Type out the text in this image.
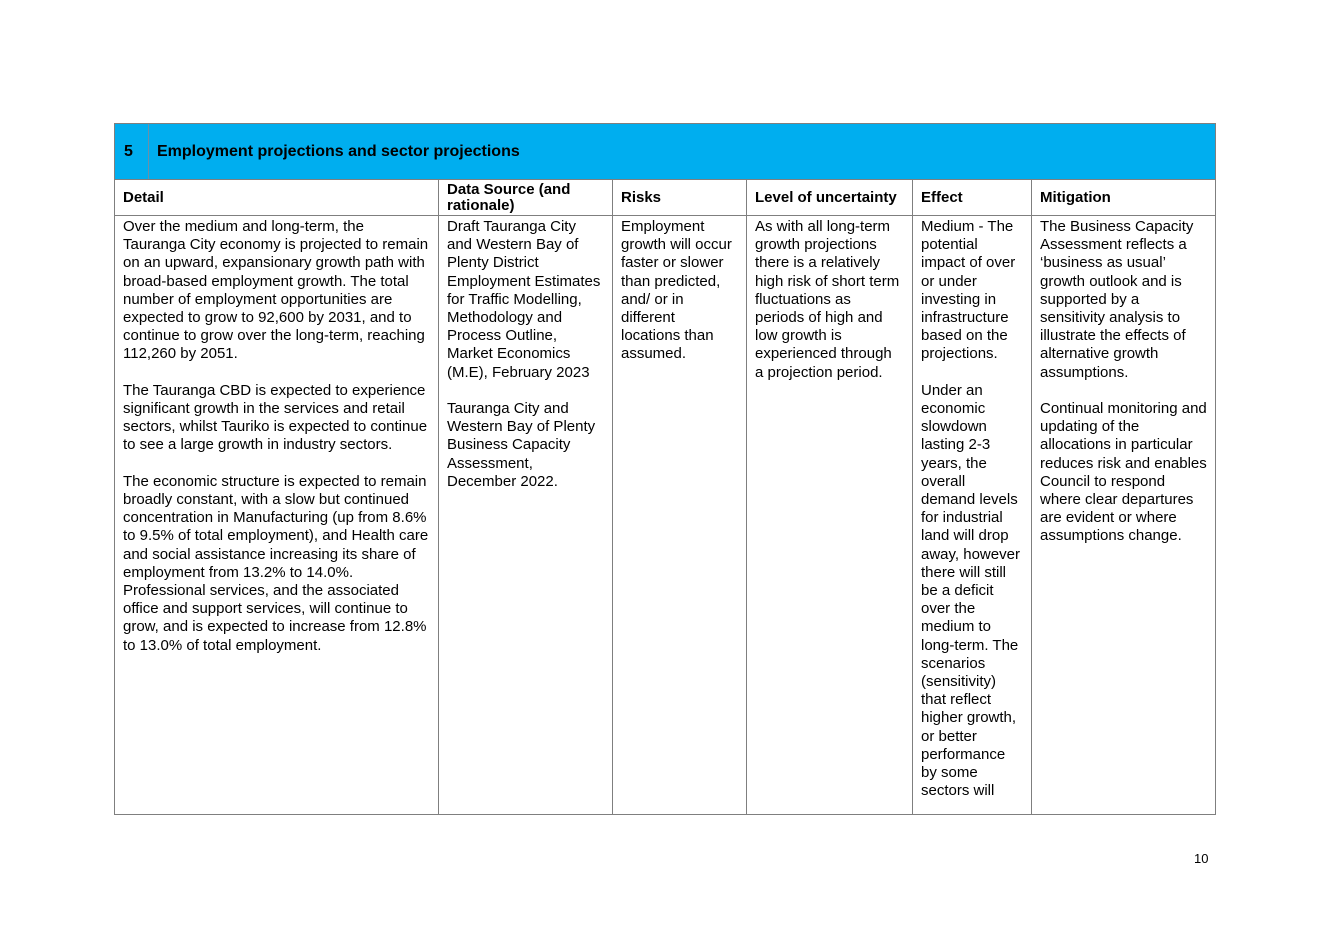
5	Employment projections and sector projections
Detail

Over the medium and long-term, the Tauranga City economy is projected to remain on an upward, expansionary growth path with broad-based employment growth. The total number of employment opportunities are expected to grow to 92,600 by 2031, and to continue to grow over the long-term, reaching 112,260 by 2051.

The Tauranga CBD is expected to experience significant growth in the services and retail sectors, whilst Tauriko is expected to continue to see a large growth in industry sectors.

The economic structure is expected to remain broadly constant, with a slow but continued concentration in Manufacturing (up from 8.6% to 9.5% of total employment), and Health care and social assistance increasing its share of employment from 13.2% to 14.0%. Professional services, and the associated office and support services, will continue to grow, and is expected to increase from 12.8% to 13.0% of total employment.

Data Source (and rationale)

Draft Tauranga City and Western Bay of Plenty District Employment Estimates for Traffic Modelling, Methodology and Process Outline, Market Economics (M.E), February 2023

Tauranga City and Western Bay of Plenty Business Capacity Assessment, December 2022.

Risks

Employment growth will occur faster or slower than predicted, and/ or in different locations than assumed.

Level of uncertainty

As with all long-term growth projections there is a relatively high risk of short term fluctuations as periods of high and low growth is experienced through a projection period.

Effect

Medium - The potential impact of over or under investing in infrastructure based on the projections.

Under an economic slowdown lasting 2-3 years, the overall demand levels for industrial land will drop away, however there will still be a deficit over the medium to long-term. The scenarios (sensitivity) that reflect higher growth, or better performance by some sectors will

Mitigation

The Business Capacity Assessment reflects a ‘business as usual’ growth outlook and is supported by a sensitivity analysis to illustrate the effects of alternative growth assumptions.

Continual monitoring and updating of the allocations in particular reduces risk and enables Council to respond where clear departures are evident or where assumptions change.

10
